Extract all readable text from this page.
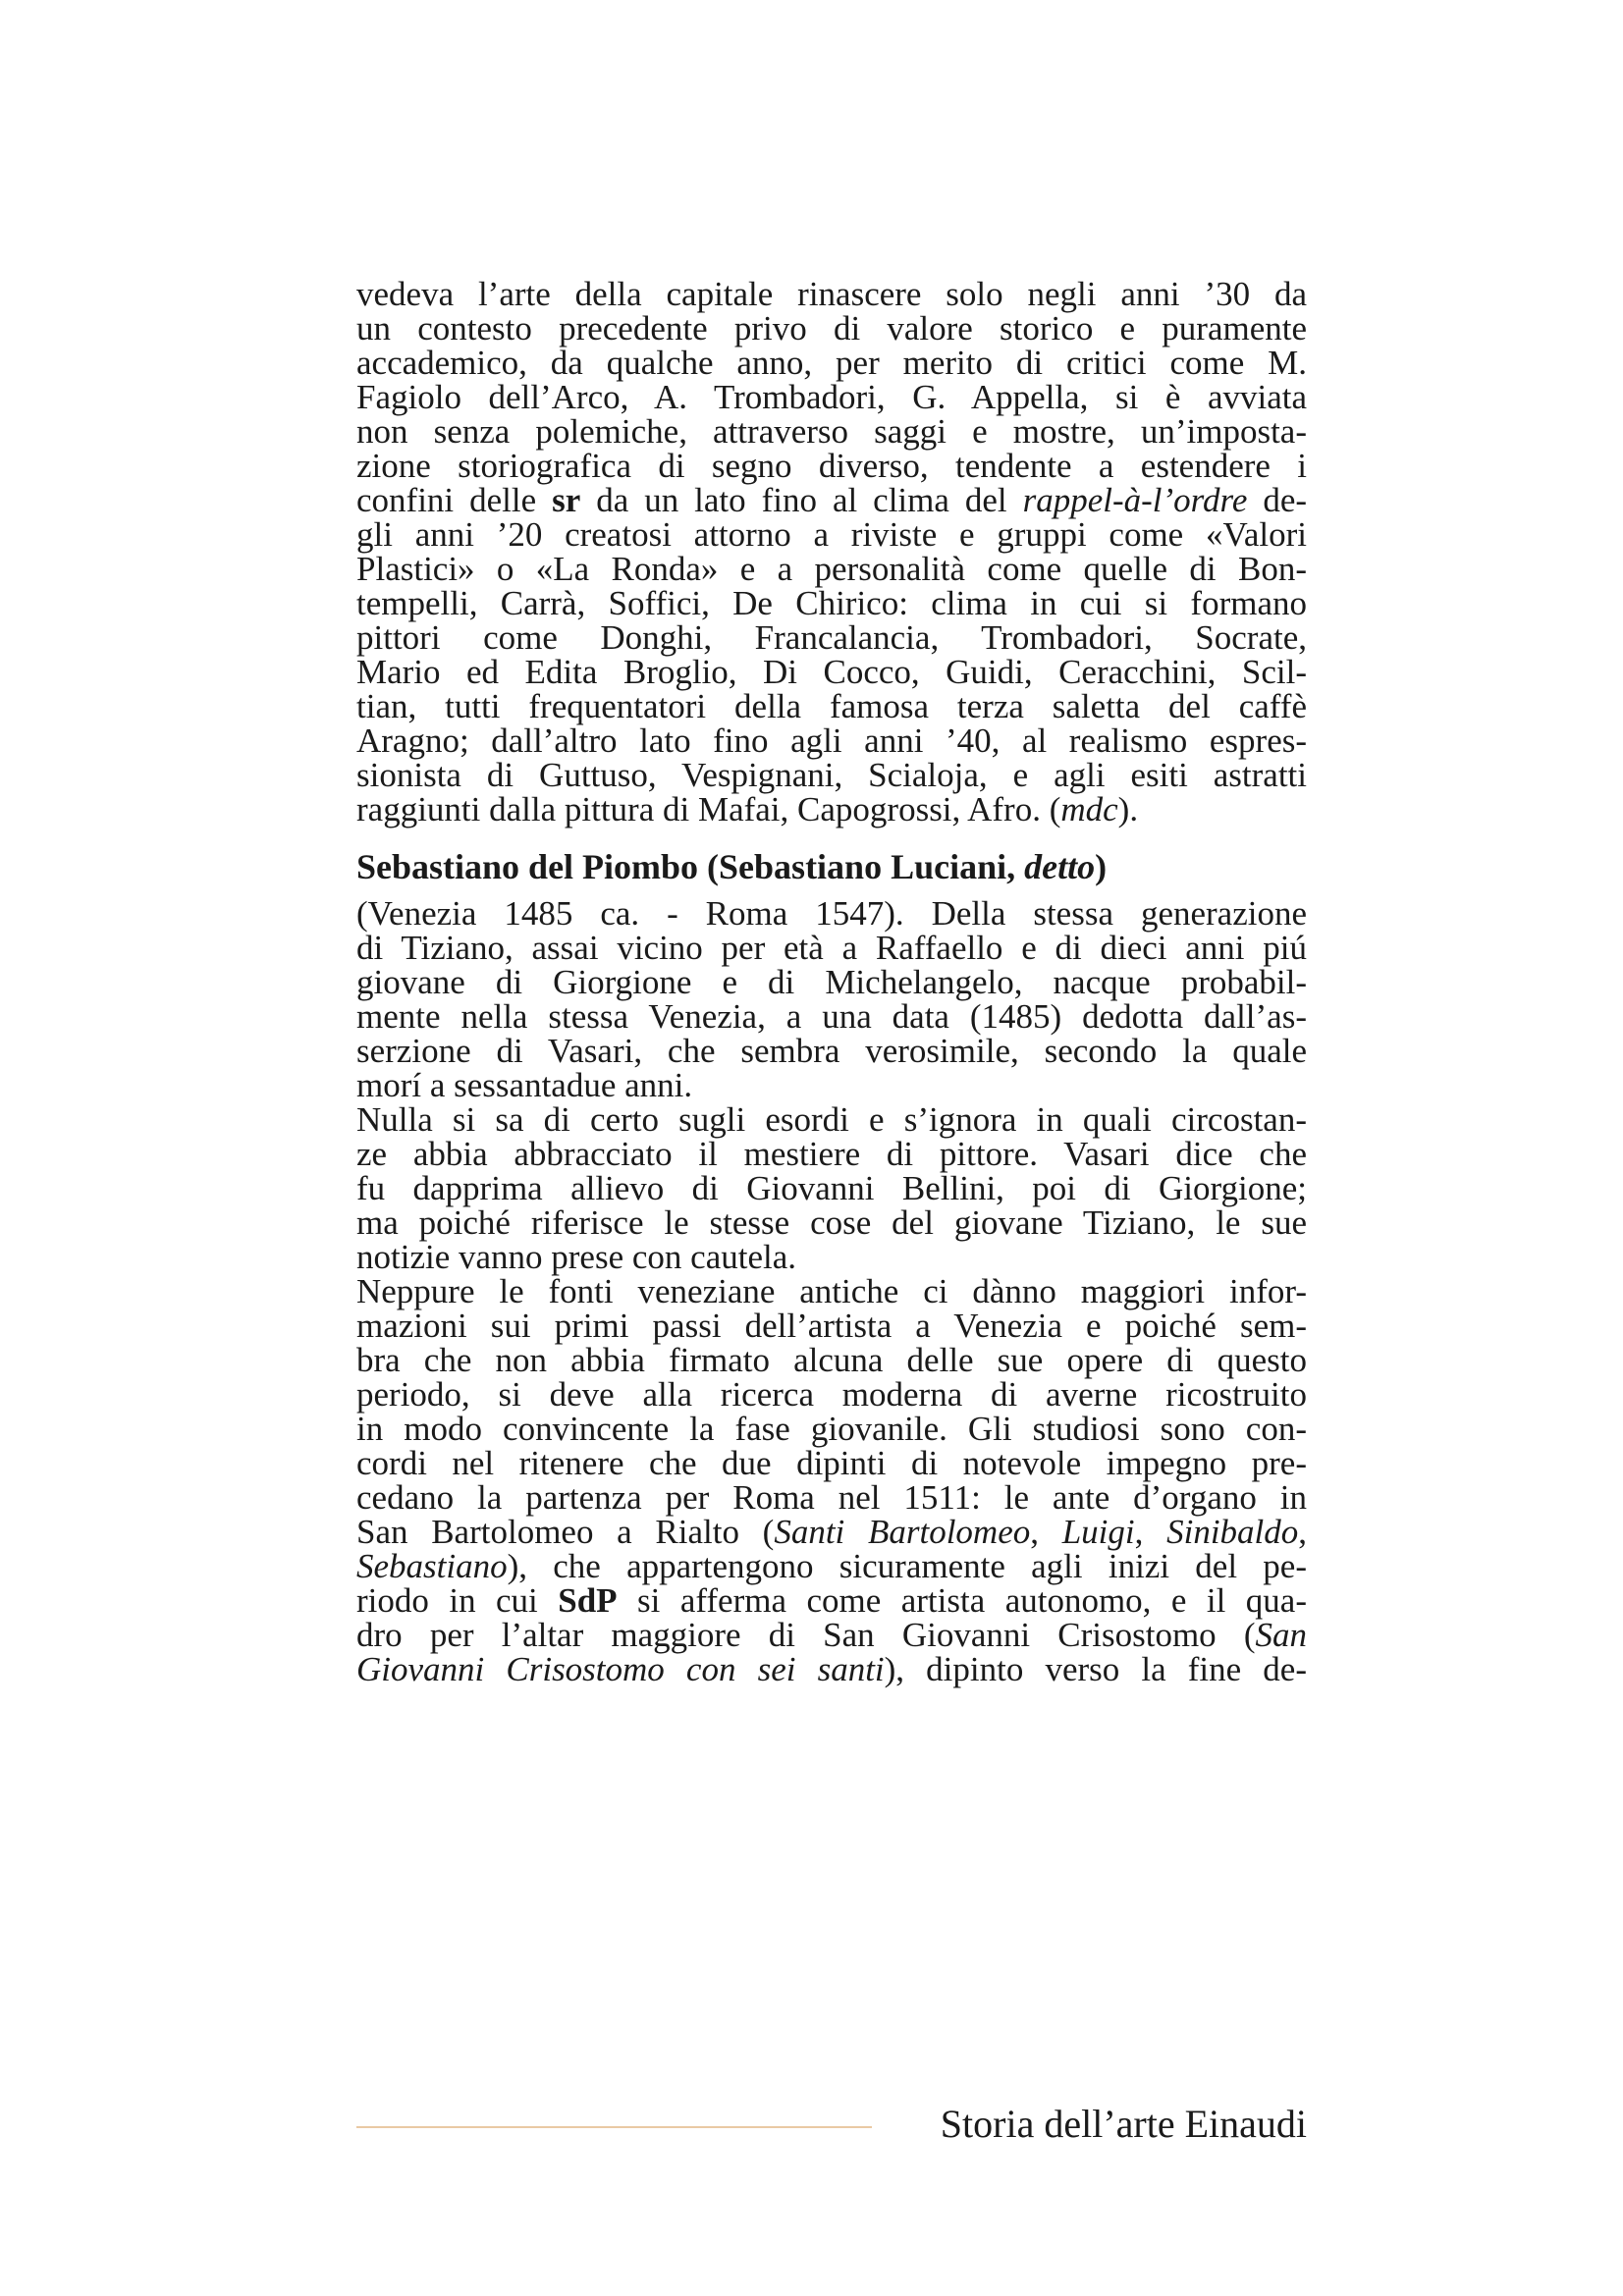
vedeva l’arte della capitale rinascere solo negli anni ’30 da
un contesto precedente privo di valore storico e puramente
accademico, da qualche anno, per merito di critici come M.
Fagiolo dell’Arco, A. Trombadori, G. Appella, si è avviata
non senza polemiche, attraverso saggi e mostre, un’imposta-
zione storiografica di segno diverso, tendente a estendere i
confini delle sr da un lato fino al clima del rappel-à-l’ordre de-
gli anni ’20 creatosi attorno a riviste e gruppi come «Valori
Plastici» o «La Ronda» e a personalità come quelle di Bon-
tempelli, Carrà, Soffici, De Chirico: clima in cui si formano
pittori come Donghi, Francalancia, Trombadori, Socrate,
Mario ed Edita Broglio, Di Cocco, Guidi, Ceracchini, Scil-
tian, tutti frequentatori della famosa terza saletta del caffè
Aragno; dall’altro lato fino agli anni ’40, al realismo espres-
sionista di Guttuso, Vespignani, Scialoja, e agli esiti astratti
raggiunti dalla pittura di Mafai, Capogrossi, Afro. (mdc).
Sebastiano del Piombo (Sebastiano Luciani, detto)
(Venezia 1485 ca. - Roma 1547). Della stessa generazione
di Tiziano, assai vicino per età a Raffaello e di dieci anni piú
giovane di Giorgione e di Michelangelo, nacque probabil-
mente nella stessa Venezia, a una data (1485) dedotta dall’as-
serzione di Vasari, che sembra verosimile, secondo la quale
morí a sessantadue anni.
Nulla si sa di certo sugli esordi e s’ignora in quali circostan-
ze abbia abbracciato il mestiere di pittore. Vasari dice che
fu dapprima allievo di Giovanni Bellini, poi di Giorgione;
ma poiché riferisce le stesse cose del giovane Tiziano, le sue
notizie vanno prese con cautela.
Neppure le fonti veneziane antiche ci dànno maggiori infor-
mazioni sui primi passi dell’artista a Venezia e poiché sem-
bra che non abbia firmato alcuna delle sue opere di questo
periodo, si deve alla ricerca moderna di averne ricostruito
in modo convincente la fase giovanile. Gli studiosi sono con-
cordi nel ritenere che due dipinti di notevole impegno pre-
cedano la partenza per Roma nel 1511: le ante d’organo in
San Bartolomeo a Rialto (Santi Bartolomeo, Luigi, Sinibaldo,
Sebastiano), che appartengono sicuramente agli inizi del pe-
riodo in cui SdP si afferma come artista autonomo, e il qua-
dro per l’altar maggiore di San Giovanni Crisostomo (San
Giovanni Crisostomo con sei santi), dipinto verso la fine de-
Storia dell’arte Einaudi
